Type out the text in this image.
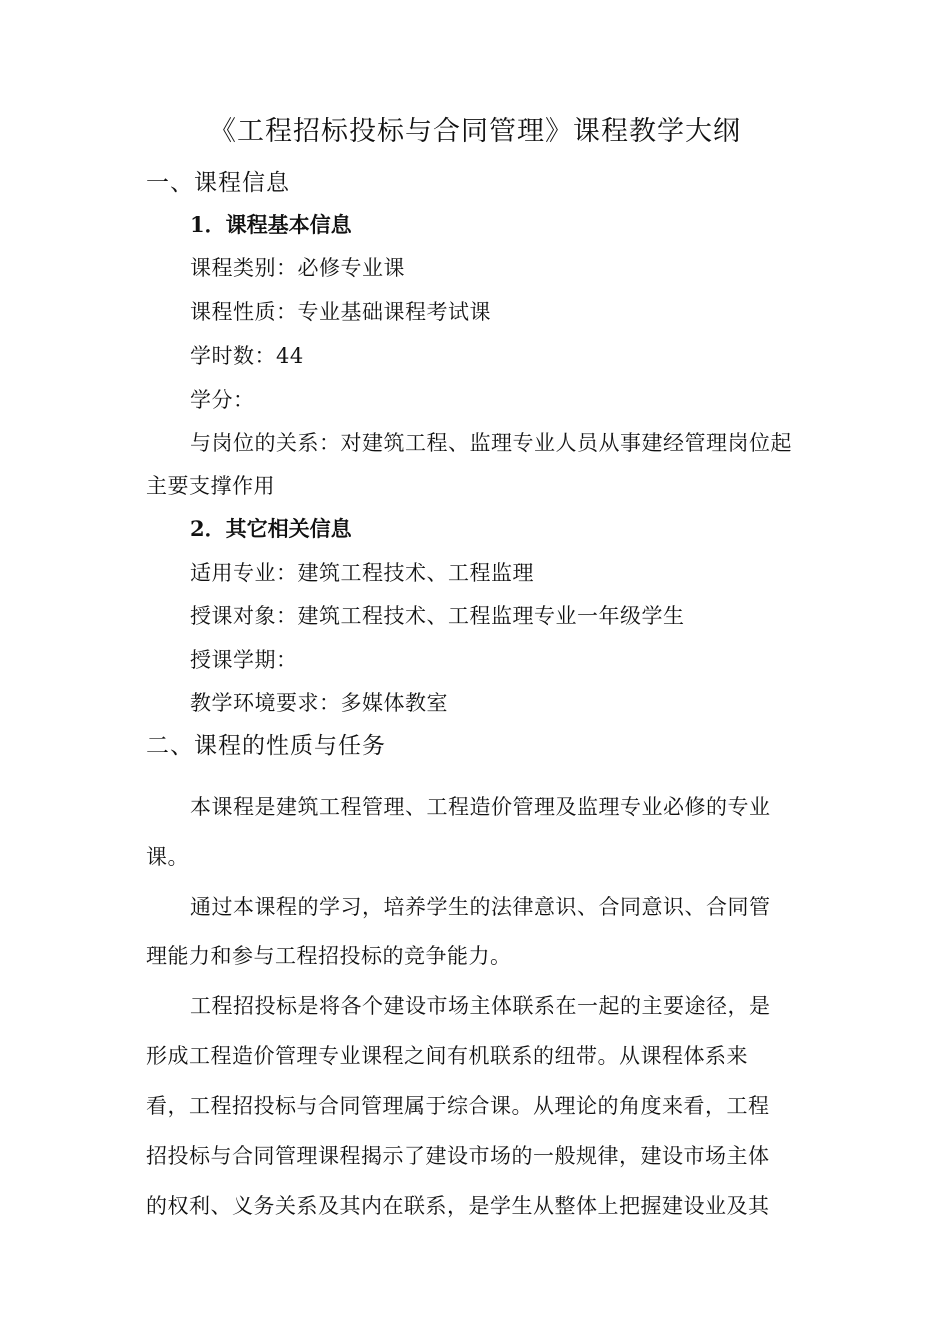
《工程招标投标与合同管理》课程教学大纲
一、课程信息
1．课程基本信息
课程类别：必修专业课
课程性质：专业基础课程考试课
学时数：44
学分：
与岗位的关系：对建筑工程、监理专业人员从事建经管理岗位起
主要支撑作用
2．其它相关信息
适用专业：建筑工程技术、工程监理
授课对象：建筑工程技术、工程监理专业一年级学生
授课学期：
教学环境要求：多媒体教室
二、课程的性质与任务
本课程是建筑工程管理、工程造价管理及监理专业必修的专业
课。
通过本课程的学习，培养学生的法律意识、合同意识、合同管
理能力和参与工程招投标的竞争能力。
工程招投标是将各个建设市场主体联系在一起的主要途径，是
形成工程造价管理专业课程之间有机联系的纽带。从课程体系来
看，工程招投标与合同管理属于综合课。从理论的角度来看，工程
招投标与合同管理课程揭示了建设市场的一般规律，建设市场主体
的权利、义务关系及其内在联系，是学生从整体上把握建设业及其
